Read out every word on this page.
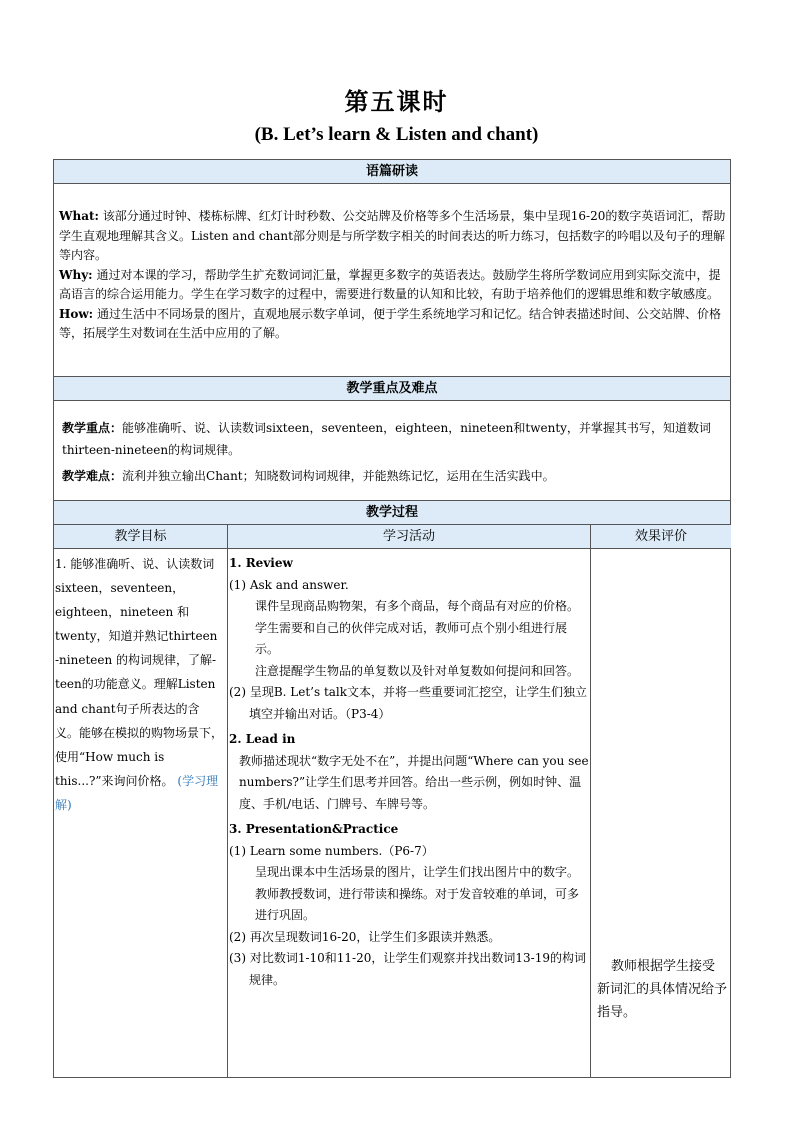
第五课时
(B. Let’s learn & Listen and chant)
语篇研读

What: 该部分通过时钟、楼栋标牌、红灯计时秒数、公交站牌及价格等多个生活场景，集中呈现16-20的数字英语词汇，帮助学生直观地理解其含义。Listen and chant部分则是与所学数字相关的时间表达的听力练习，包括数字的吟唱以及句子的理解等内容。

Why: 通过对本课的学习，帮助学生扩充数词词汇量，掌握更多数字的英语表达。鼓励学生将所学数词应用到实际交流中，提高语言的综合运用能力。学生在学习数字的过程中，需要进行数量的认知和比较，有助于培养他们的逻辑思维和数字敏感度。

How: 通过生活中不同场景的图片，直观地展示数字单词，便于学生系统地学习和记忆。结合钟表描述时间、公交站牌、价格等，拓展学生对数词在生活中应用的了解。

教学重点及难点

教学重点：能够准确听、说、认读数词sixteen，seventeen，eighteen，nineteen和twenty，并掌握其书写，知道数词thirteen-nineteen的构词规律。

教学难点：流利并独立输出Chant；知晓数词构词规律，并能熟练记忆，运用在生活实践中。

教学过程
教学目标	学习活动	效果评价
1. 能够准确听、说、认读数词sixteen，seventeen，eighteen，nineteen 和twenty，知道并熟记thirteen -nineteen 的构词规律，了解-teen的功能意义。理解Listen and chant句子所表达的含义。能够在模拟的购物场景下，使用“How much is this...?”来询问价格。 (学习理解)

1. Review

(1) Ask and answer.

课件呈现商品购物架，有多个商品，每个商品有对应的价格。学生需要和自己的伙伴完成对话，教师可点个别小组进行展示。

注意提醒学生物品的单复数以及针对单复数如何提问和回答。

(2) 呈现B. Let’s talk文本，并将一些重要词汇挖空，让学生们独立填空并输出对话。（P3-4）

2. Lead in

教师描述现状“数字无处不在”，并提出问题“Where can you see numbers?”让学生们思考并回答。给出一些示例，例如时钟、温度、手机/电话、门牌号、车牌号等。

3. Presentation&Practice

(1) Learn some numbers.（P6-7）

呈现出课本中生活场景的图片，让学生们找出图片中的数字。教师教授数词，进行带读和操练。对于发音较难的单词，可多进行巩固。

(2) 再次呈现数词16-20，让学生们多跟读并熟悉。

(3) 对比数词1-10和11-20，让学生们观察并找出数词13-19的构词规律。

教师根据学生接受新词汇的具体情况给予指导。
